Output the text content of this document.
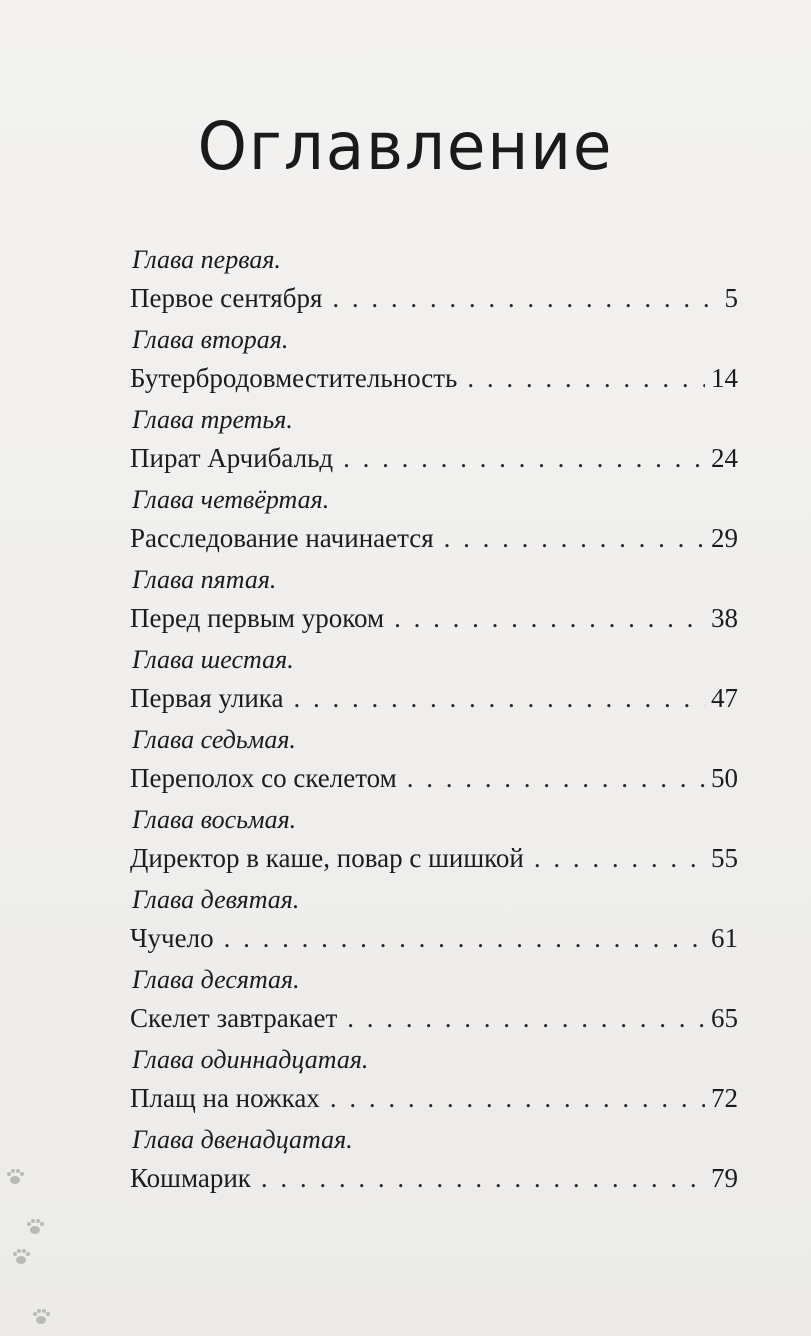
Оглавление
Глава первая.
Первое сентября . . .	5
Глава вторая.
Бутербродовместительность . . .	14
Глава третья.
Пират Арчибальд . . .	24
Глава четвёртая.
Расследование начинается . . .	29
Глава пятая.
Перед первым уроком . . .	38
Глава шестая.
Первая улика . . .	47
Глава седьмая.
Переполох со скелетом . . .	50
Глава восьмая.
Директор в каше, повар с шишкой . . .	55
Глава девятая.
Чучело . . .	61
Глава десятая.
Скелет завтракает . . .	65
Глава одиннадцатая.
Плащ на ножках . . .	72
Глава двенадцатая.
Кошмарик . . .	79
